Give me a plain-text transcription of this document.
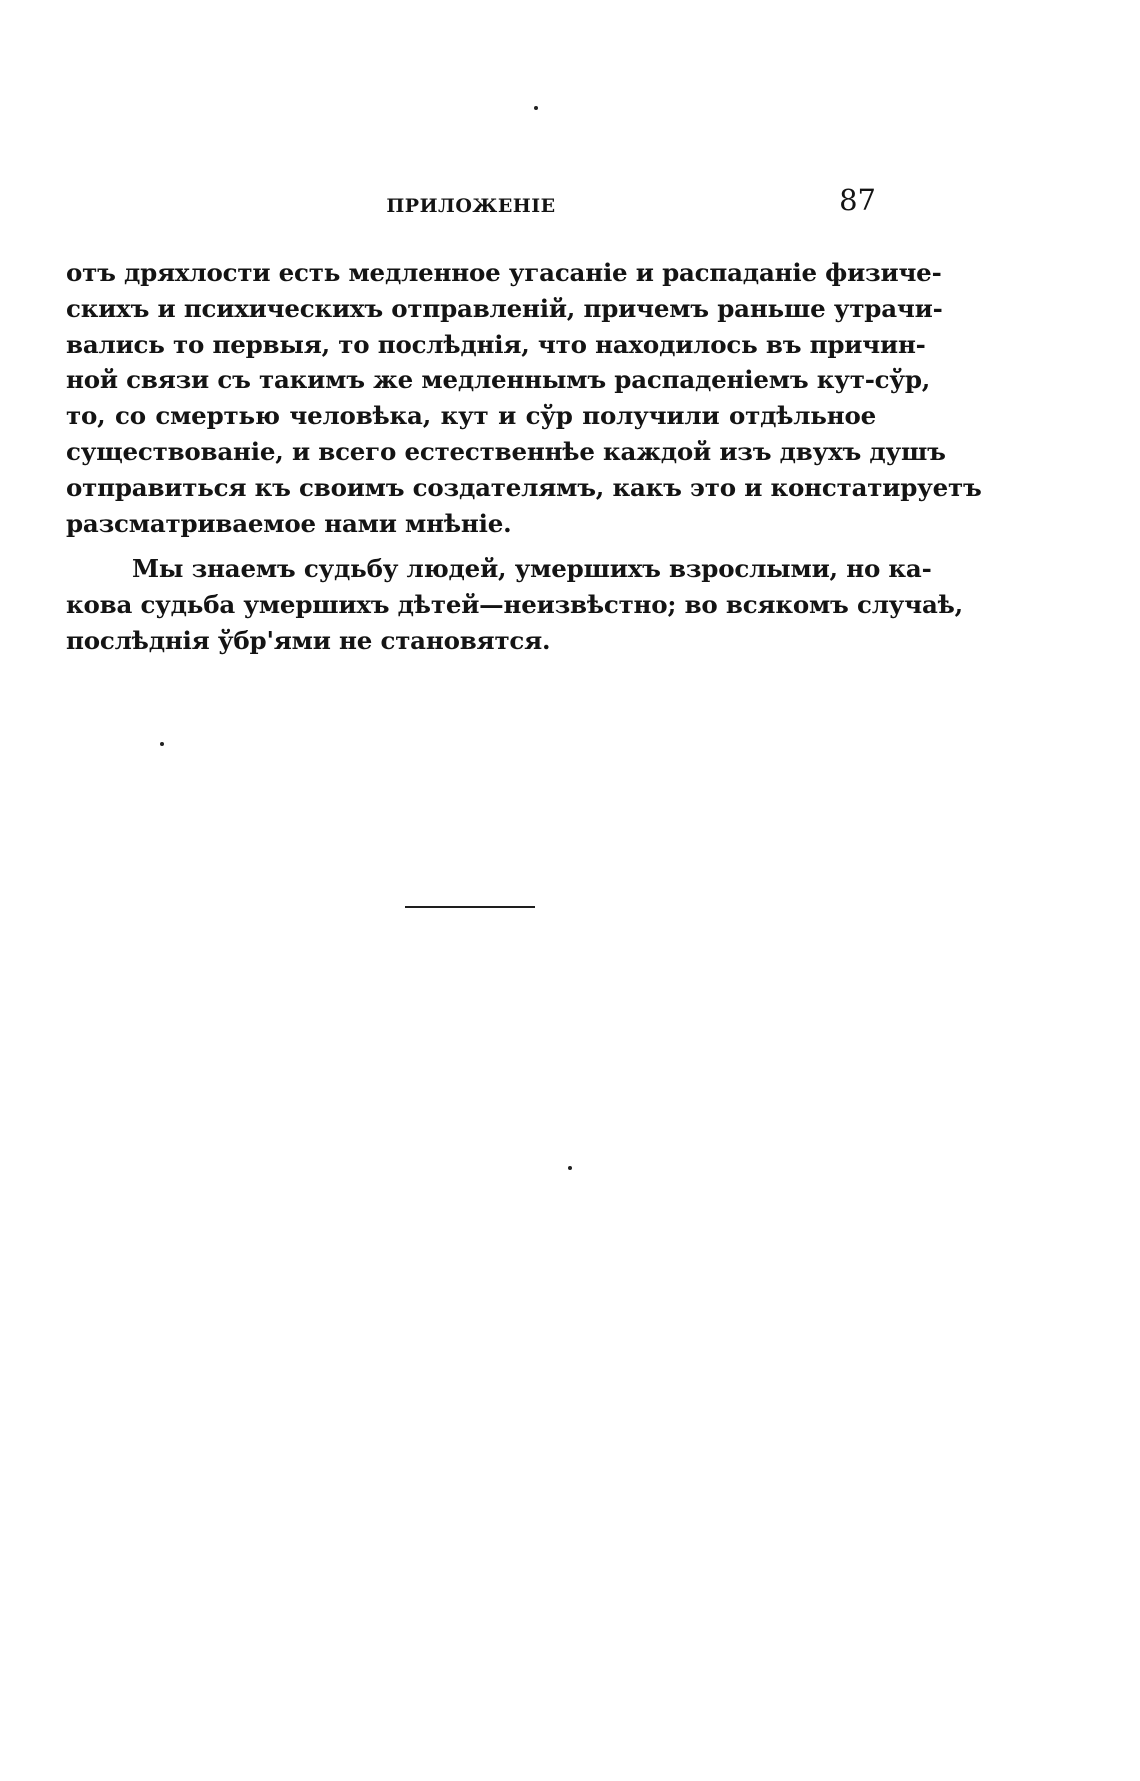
ПРИЛОЖЕНІЕ	87

отъ дряхлости есть медленное угасаніе и распаданіе физиче-
скихъ и психическихъ отправленій, причемъ раньше утрачи-
вались то первыя, то послѣднія, что находилось въ причин-
ной связи съ такимъ же медленнымъ распаденіемъ кут-сўр,
то, со смертью человѣка, кут и сўр получили отдѣльное
существованіе, и всего естественнѣе каждой изъ двухъ душъ
отправиться къ своимъ создателямъ, какъ это и констатируетъ
разсматриваемое нами мнѣніе.

Мы знаемъ судьбу людей, умершихъ взрослыми, но ка-
кова судьба умершихъ дѣтей—неизвѣстно; во всякомъ случаѣ,
послѣднія ўбр'ями не становятся.
